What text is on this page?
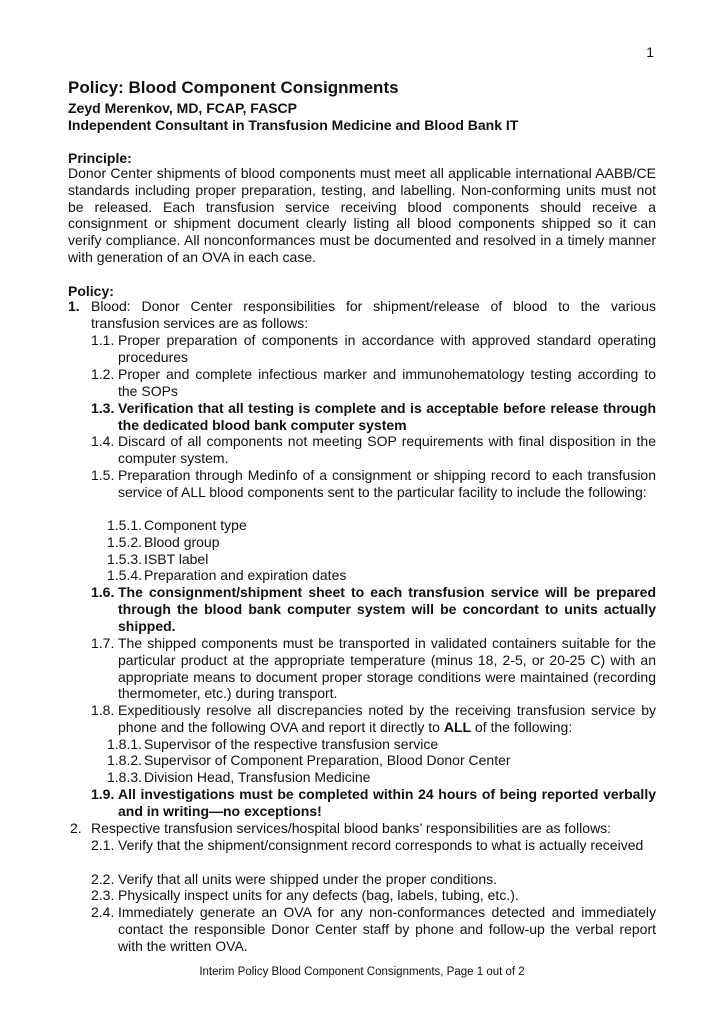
1
Policy: Blood Component Consignments
Zeyd Merenkov, MD, FCAP, FASCP
Independent Consultant in Transfusion Medicine and Blood Bank IT
Principle:
Donor Center shipments of blood components must meet all applicable international AABB/CE standards including proper preparation, testing, and labelling. Non-conforming units must not be released. Each transfusion service receiving blood components should receive a consignment or shipment document clearly listing all blood components shipped so it can verify compliance. All nonconformances must be documented and resolved in a timely manner with generation of an OVA in each case.
Policy:
1. Blood: Donor Center responsibilities for shipment/release of blood to the various transfusion services are as follows:
1.1. Proper preparation of components in accordance with approved standard operating procedures
1.2. Proper and complete infectious marker and immunohematology testing according to the SOPs
1.3. Verification that all testing is complete and is acceptable before release through the dedicated blood bank computer system
1.4. Discard of all components not meeting SOP requirements with final disposition in the computer system.
1.5. Preparation through Medinfo of a consignment or shipping record to each transfusion service of ALL blood components sent to the particular facility to include the following:
1.5.1. Component type
1.5.2. Blood group
1.5.3. ISBT label
1.5.4. Preparation and expiration dates
1.6. The consignment/shipment sheet to each transfusion service will be prepared through the blood bank computer system will be concordant to units actually shipped.
1.7. The shipped components must be transported in validated containers suitable for the particular product at the appropriate temperature (minus 18, 2-5, or 20-25 C) with an appropriate means to document proper storage conditions were maintained (recording thermometer, etc.) during transport.
1.8. Expeditiously resolve all discrepancies noted by the receiving transfusion service by phone and the following OVA and report it directly to ALL of the following:
1.8.1. Supervisor of the respective transfusion service
1.8.2. Supervisor of Component Preparation, Blood Donor Center
1.8.3. Division Head, Transfusion Medicine
1.9. All investigations must be completed within 24 hours of being reported verbally and in writing—no exceptions!
2. Respective transfusion services/hospital blood banks’ responsibilities are as follows:
2.1. Verify that the shipment/consignment record corresponds to what is actually received
2.2. Verify that all units were shipped under the proper conditions.
2.3. Physically inspect units for any defects (bag, labels, tubing, etc.).
2.4. Immediately generate an OVA for any non-conformances detected and immediately contact the responsible Donor Center staff by phone and follow-up the verbal report with the written OVA.
Interim Policy Blood Component Consignments, Page 1 out of 2
